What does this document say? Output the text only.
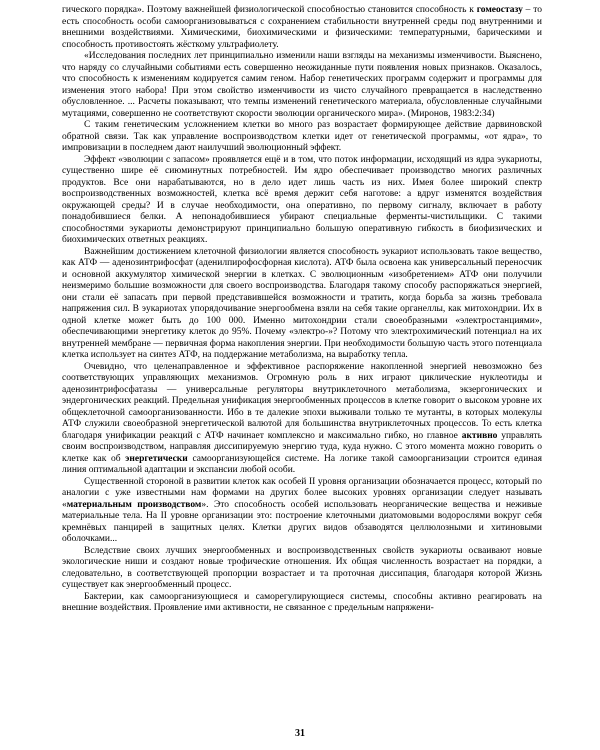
гического порядка». Поэтому важнейшей физиологической способностью становится способность к гомеостазу – то есть способность особи самоорганизовываться с сохранением стабильности внутренней среды под внутренними и внешними воздействиями. Химическими, биохимическими и физическими: температурными, барическими и способность противостоять жёсткому ультрафиолету.

«Исследования последних лет принципиально изменили наши взгляды на механизмы изменчивости. Выяснено, что наряду со случайными событиями есть совершенно неожиданные пути появления новых признаков. Оказалось, что способность к изменениям кодируется самим геном. Набор генетических программ содержит и программы для изменения этого набора! При этом свойство изменчивости из чисто случайного превращается в наследственно обусловленное. ... Расчеты показывают, что темпы изменений генетического материала, обусловленные случайными мутациями, совершенно не соответствуют скорости эволюции органического мира». (Миронов, 1983:2:34)

С таким генетическим усложнением клетки во много раз возрастает формирующее действие дарвиновской обратной связи. Так как управление воспроизводством клетки идет от генетической программы, «от ядра», то импровизации в последнем дают наилучший эволюционный эффект.

Эффект «эволюции с запасом» проявляется ещё и в том, что поток информации, исходящий из ядра эукариоты, существенно шире её сиюминутных потребностей. Им ядро обеспечивает производство многих различных продуктов. Все они нарабатываются, но в дело идет лишь часть из них. Имея более широкий спектр воспроизводственных возможностей, клетка всё время держит себя наготове: а вдруг изменятся воздействия окружающей среды? И в случае необходимости, она оперативно, по первому сигналу, включает в работу понадобившиеся белки. А непонадобившиеся убирают специальные ферменты-чистильщики. С такими способностями эукариоты демонстрируют принципиально большую оперативную гибкость в биофизических и биохимических ответных реакциях.

Важнейшим достижением клеточной физиологии является способность эукариот использовать такое вещество, как АТФ — аденозинтрифосфат (аденилпирофосфорная кислота). АТФ была освоена как универсальный переносчик и основной аккумулятор химической энергии в клетках. С эволюционным «изобретением» АТФ они получили неизмеримо большие возможности для своего воспроизводства. Благодаря такому способу распоряжаться энергией, они стали её запасать при первой представившейся возможности и тратить, когда борьба за жизнь требовала напряжения сил. В эукариотах упорядочивание энергообмена взяли на себя такие органеллы, как митохондрии. Их в одной клетке может быть до 100 000. Именно митохондрии стали своеобразными «электростанциями», обеспечивающими энергетику клеток до 95%. Почему «электро-»? Потому что электрохимический потенциал на их внутренней мембране — первичная форма накопления энергии. При необходимости большую часть этого потенциала клетка использует на синтез АТФ, на поддержание метаболизма, на выработку тепла.

Очевидно, что целенаправленное и эффективное распоряжение накопленной энергией невозможно без соответствующих управляющих механизмов. Огромную роль в них играют циклические нуклеотиды и аденозинтрифосфатазы — универсальные регуляторы внутриклеточного метаболизма, экзергонических и эндергонических реакций. Предельная унификация энергообменных процессов в клетке говорит о высоком уровне их общеклеточной самоорганизованности. Ибо в те далекие эпохи выживали только те мутанты, в которых молекулы АТФ служили своеобразной энергетической валютой для большинства внутриклеточных процессов. То есть клетка благодаря унификации реакций с АТФ начинает комплексно и максимально гибко, но главное активно управлять своим воспроизводством, направляя диссипируемую энергию туда, куда нужно. С этого момента можно говорить о клетке как об энергетически самоорганизующейся системе. На логике такой самоорганизации строится единая линия оптимальной адаптации и экспансии любой особи.

Существенной стороной в развитии клеток как особей II уровня организации обозначается процесс, который по аналогии с уже известными нам формами на других более высоких уровнях организации следует называть «материальным производством». Это способность особей использовать неорганические вещества и неживые материальные тела. На II уровне организации это: построение клеточными диатомовыми водорослями вокруг себя кремнёвых панцирей в защитных целях. Клетки других видов обзаводятся целлюлозными и хитиновыми оболочками...

Вследствие своих лучших энергообменных и воспроизводственных свойств эукариоты осваивают новые экологические ниши и создают новые трофические отношения. Их общая численность возрастает на порядки, а следовательно, в соответствующей пропорции возрастает и та проточная диссипация, благодаря которой Жизнь существует как энергообменный процесс.

Бактерии, как самоорганизующиеся и саморегулирующиеся системы, способны активно реагировать на внешние воздействия. Проявление ими активности, не связанное с предельным напряжени-

31
